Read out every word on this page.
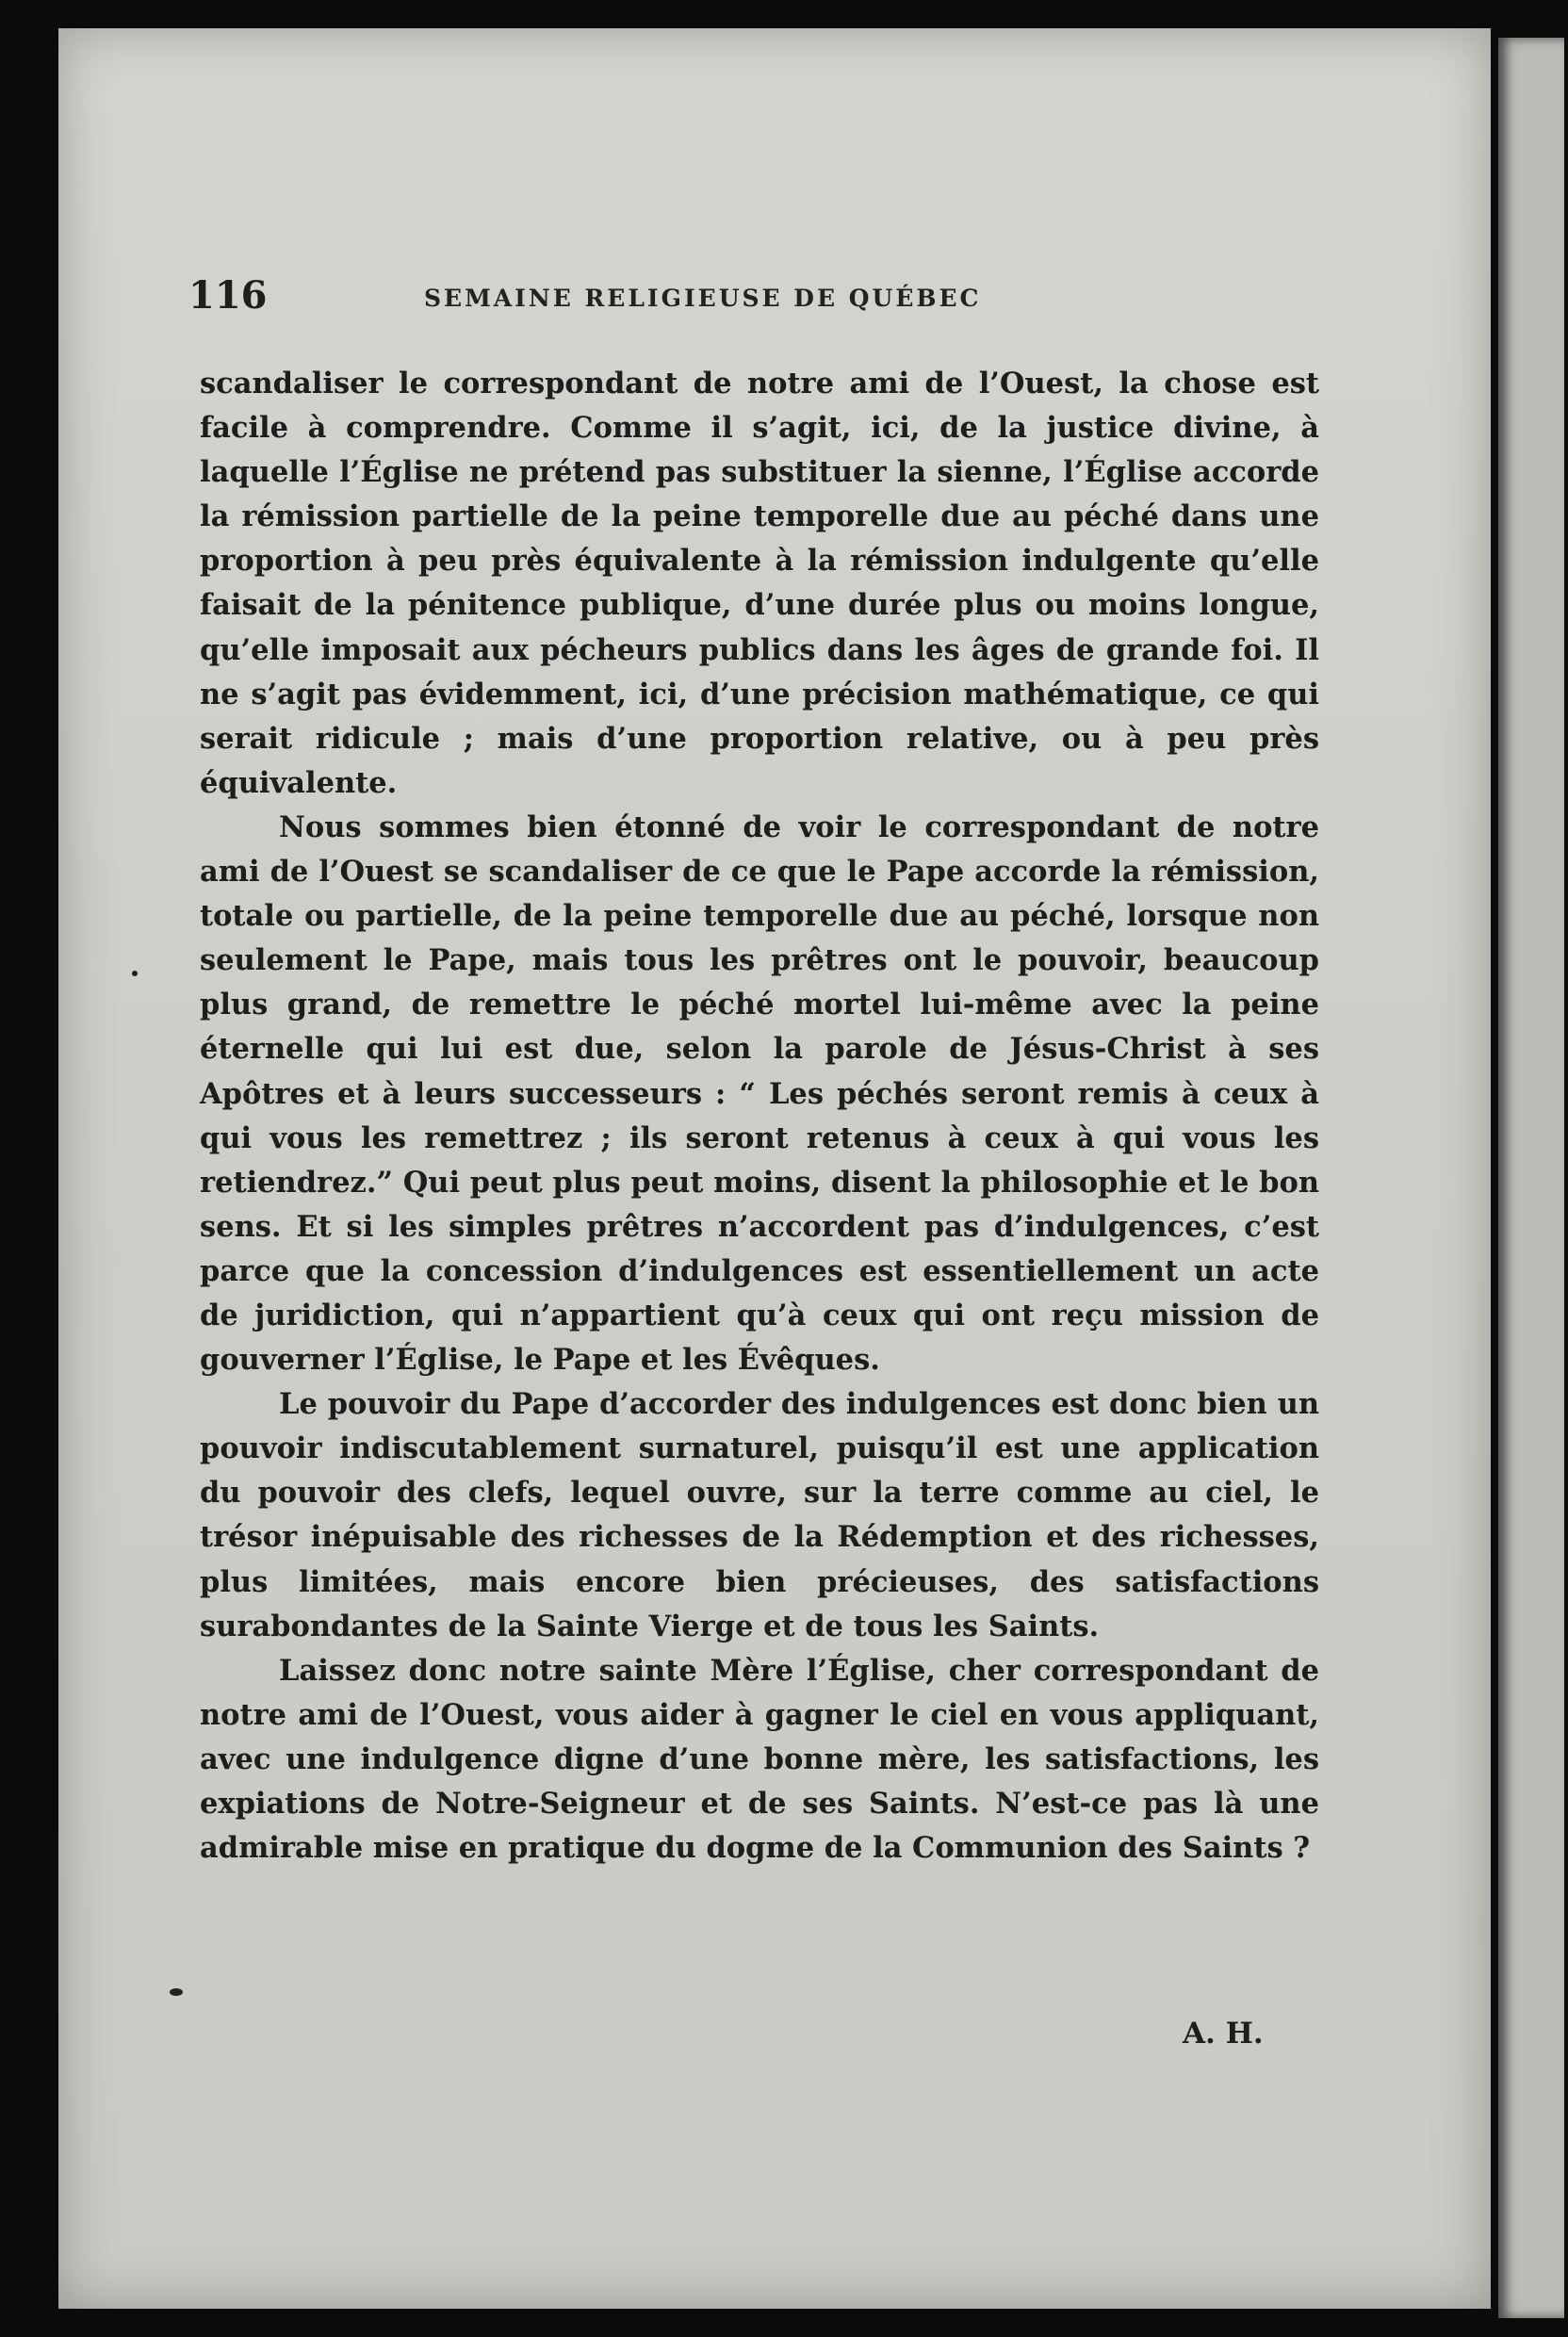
116	SEMAINE RELIGIEUSE DE QUÉBEC

scandaliser le correspondant de notre ami de l’Ouest, la chose est facile à comprendre. Comme il s’agit, ici, de la justice divine, à laquelle l’Église ne prétend pas substituer la sienne, l’Église accorde la rémission partielle de la peine temporelle due au péché dans une proportion à peu près équivalente à la rémission indulgente qu’elle faisait de la pénitence publique, d’une durée plus ou moins longue, qu’elle imposait aux pécheurs publics dans les âges de grande foi. Il ne s’agit pas évidemment, ici, d’une précision mathématique, ce qui serait ridicule ; mais d’une proportion relative, ou à peu près équivalente.

Nous sommes bien étonné de voir le correspondant de notre ami de l’Ouest se scandaliser de ce que le Pape accorde la rémission, totale ou partielle, de la peine temporelle due au péché, lorsque non seulement le Pape, mais tous les prêtres ont le pouvoir, beaucoup plus grand, de remettre le péché mortel lui-même avec la peine éternelle qui lui est due, selon la parole de Jésus-Christ à ses Apôtres et à leurs successeurs : “ Les péchés seront remis à ceux à qui vous les remettrez ; ils seront retenus à ceux à qui vous les retiendrez.” Qui peut plus peut moins, disent la philosophie et le bon sens. Et si les simples prêtres n’accordent pas d’indulgences, c’est parce que la concession d’indulgences est essentiellement un acte de juridiction, qui n’appartient qu’à ceux qui ont reçu mission de gouverner l’Église, le Pape et les Évêques.

Le pouvoir du Pape d’accorder des indulgences est donc bien un pouvoir indiscutablement surnaturel, puisqu’il est une application du pouvoir des clefs, lequel ouvre, sur la terre comme au ciel, le trésor inépuisable des richesses de la Rédemption et des richesses, plus limitées, mais encore bien précieuses, des satisfactions surabondantes de la Sainte Vierge et de tous les Saints.

Laissez donc notre sainte Mère l’Église, cher correspondant de notre ami de l’Ouest, vous aider à gagner le ciel en vous appliquant, avec une indulgence digne d’une bonne mère, les satisfactions, les expiations de Notre-Seigneur et de ses Saints. N’est-ce pas là une admirable mise en pratique du dogme de la Communion des Saints ?

A. H.
